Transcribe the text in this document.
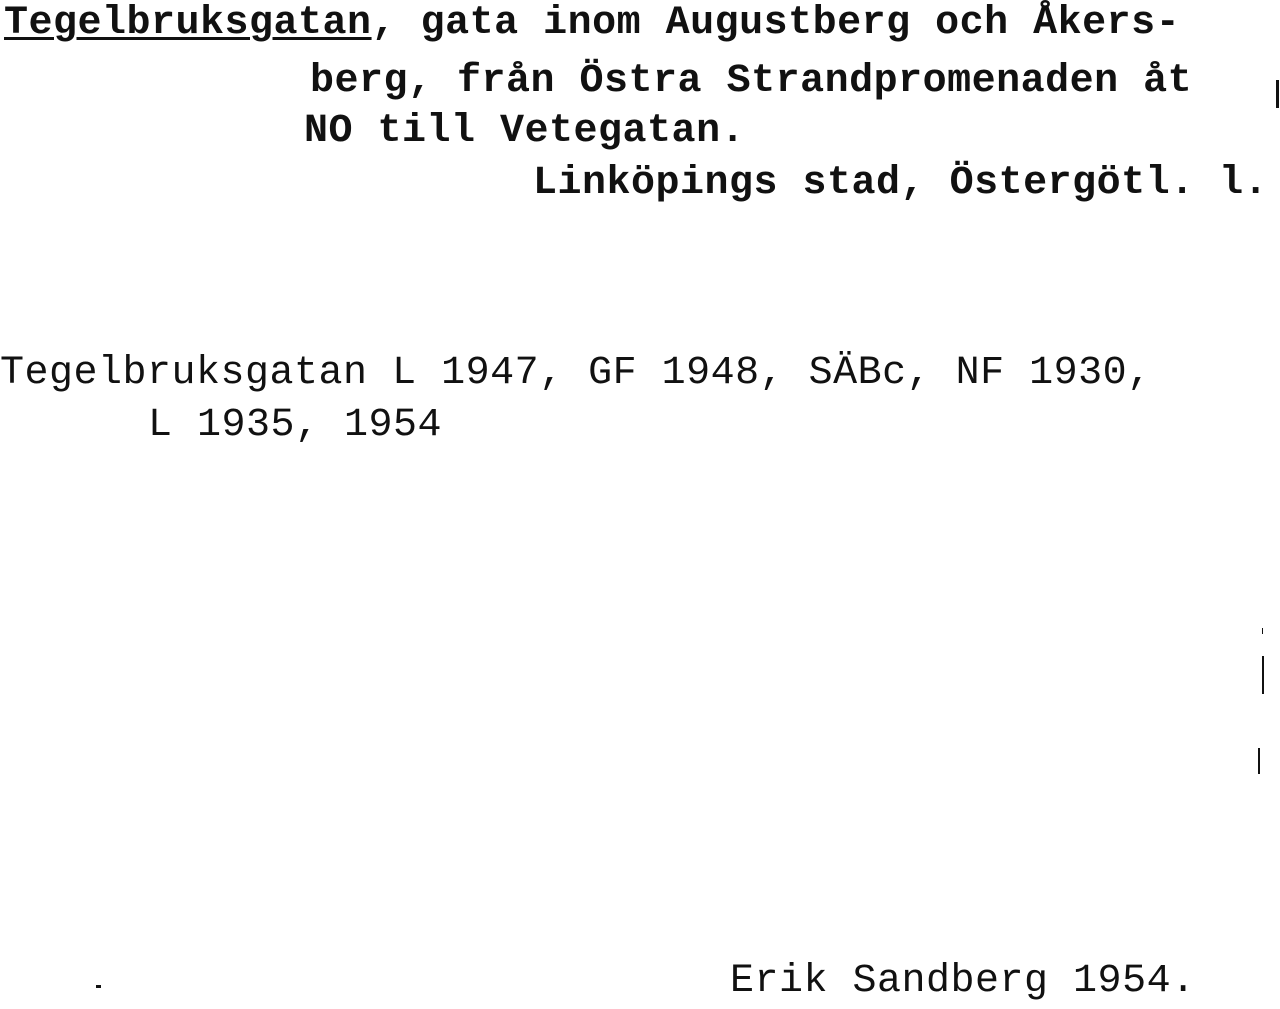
Tegelbruksgatan, gata inom Augustberg och Åkers-
berg, från Östra Strandpromenaden åt
NO till Vetegatan.
Linköpings stad, Östergötl. l.
Tegelbruksgatan L 1947, GF 1948, SÄBc, NF 1930,
L 1935, 1954
Erik Sandberg 1954.
